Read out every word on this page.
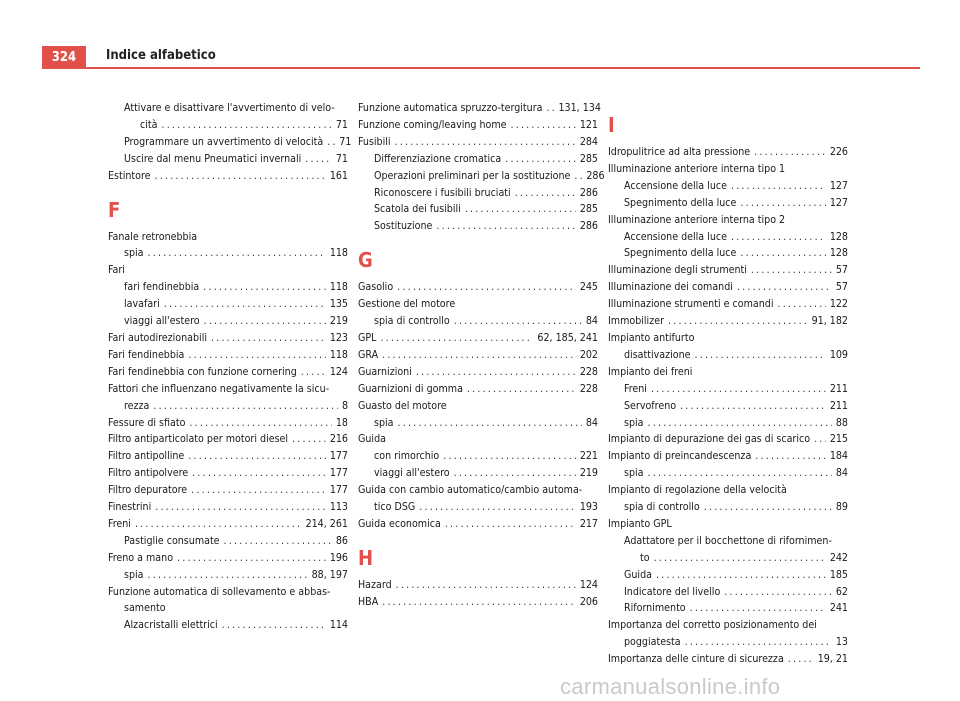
324	Indice alfabetico
Attivare e disattivare l'avvertimento di velo-
cità .....	71
Programmare un avvertimento di velocità ..... 71
Uscire dal menu Pneumatici invernali .....	71
Estintore .....	161
F
Fanale retronebbia
spia .....	118
Fari
fari fendinebbia .....	118
lavafari .....	135
viaggi all'estero .....	219
Fari autodirezionabili .....	123
Fari fendinebbia .....	118
Fari fendinebbia con funzione cornering .....	124
Fattori che influenzano negativamente la sicu-
rezza .....	8
Fessure di sfiato .....	18
Filtro antiparticolato per motori diesel .....	216
Filtro antipolline .....	177
Filtro antipolvere .....	177
Filtro depuratore .....	177
Finestrini .....	113
Freni .....	214, 261
Pastiglie consumate .....	86
Freno a mano .....	196
spia .....	88, 197
Funzione automatica di sollevamento e abbas-
samento
Alzacristalli elettrici .....	114
Funzione automatica spruzzo-tergitura ..... 131, 134
Funzione coming/leaving home .....	121
Fusibili .....	284
Differenziazione cromatica .....	285
Operazioni preliminari per la sostituzione ..... 286
Riconoscere i fusibili bruciati .....	286
Scatola dei fusibili .....	285
Sostituzione .....	286
G
Gasolio .....	245
Gestione del motore
spia di controllo .....	84
GPL .....	62, 185, 241
GRA .....	202
Guarnizioni .....	228
Guarnizioni di gomma .....	228
Guasto del motore
spia .....	84
Guida
con rimorchio .....	221
viaggi all'estero .....	219
Guida con cambio automatico/cambio automa-
tico DSG .....	193
Guida economica .....	217
H
Hazard .....	124
HBA .....	206
I
Idropulitrice ad alta pressione .....	226
Illuminazione anteriore interna tipo 1
Accensione della luce .....	127
Spegnimento della luce .....	127
Illuminazione anteriore interna tipo 2
Accensione della luce .....	128
Spegnimento della luce .....	128
Illuminazione degli strumenti .....	57
Illuminazione dei comandi .....	57
Illuminazione strumenti e comandi .....	122
Immobilizer .....	91, 182
Impianto antifurto
disattivazione .....	109
Impianto dei freni
Freni .....	211
Servofreno .....	211
spia .....	88
Impianto di depurazione dei gas di scarico ..... 215
Impianto di preincandescenza .....	184
spia .....	84
Impianto di regolazione della velocità
spia di controllo .....	89
Impianto GPL
Adattatore per il bocchettone di rifornimen-
to .....	242
Guida .....	185
Indicatore del livello .....	62
Rifornimento .....	241
Importanza del corretto posizionamento dei
poggiatesta .....	13
Importanza delle cinture di sicurezza .....	19, 21
carmanualsonline.info
